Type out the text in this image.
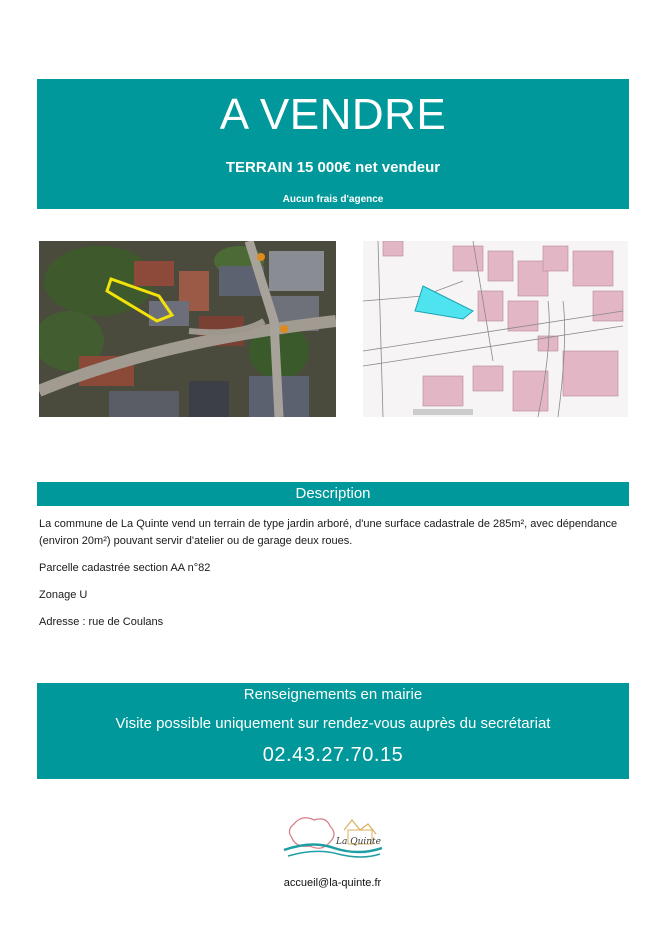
A VENDRE
TERRAIN 15 000€ net vendeur
Aucun frais d'agence
Description

La commune de La Quinte vend un terrain de type jardin arboré, d'une surface cadastrale de 285m², avec dépendance (environ 20m²) pouvant servir d'atelier ou de garage deux roues.

Parcelle cadastrée section AA n°82

Zonage U

Adresse : rue de Coulans

Renseignements en mairie
Visite possible uniquement sur rendez-vous auprès du secrétariat
02.43.27.70.15
La Quinte
accueil@la-quinte.fr
